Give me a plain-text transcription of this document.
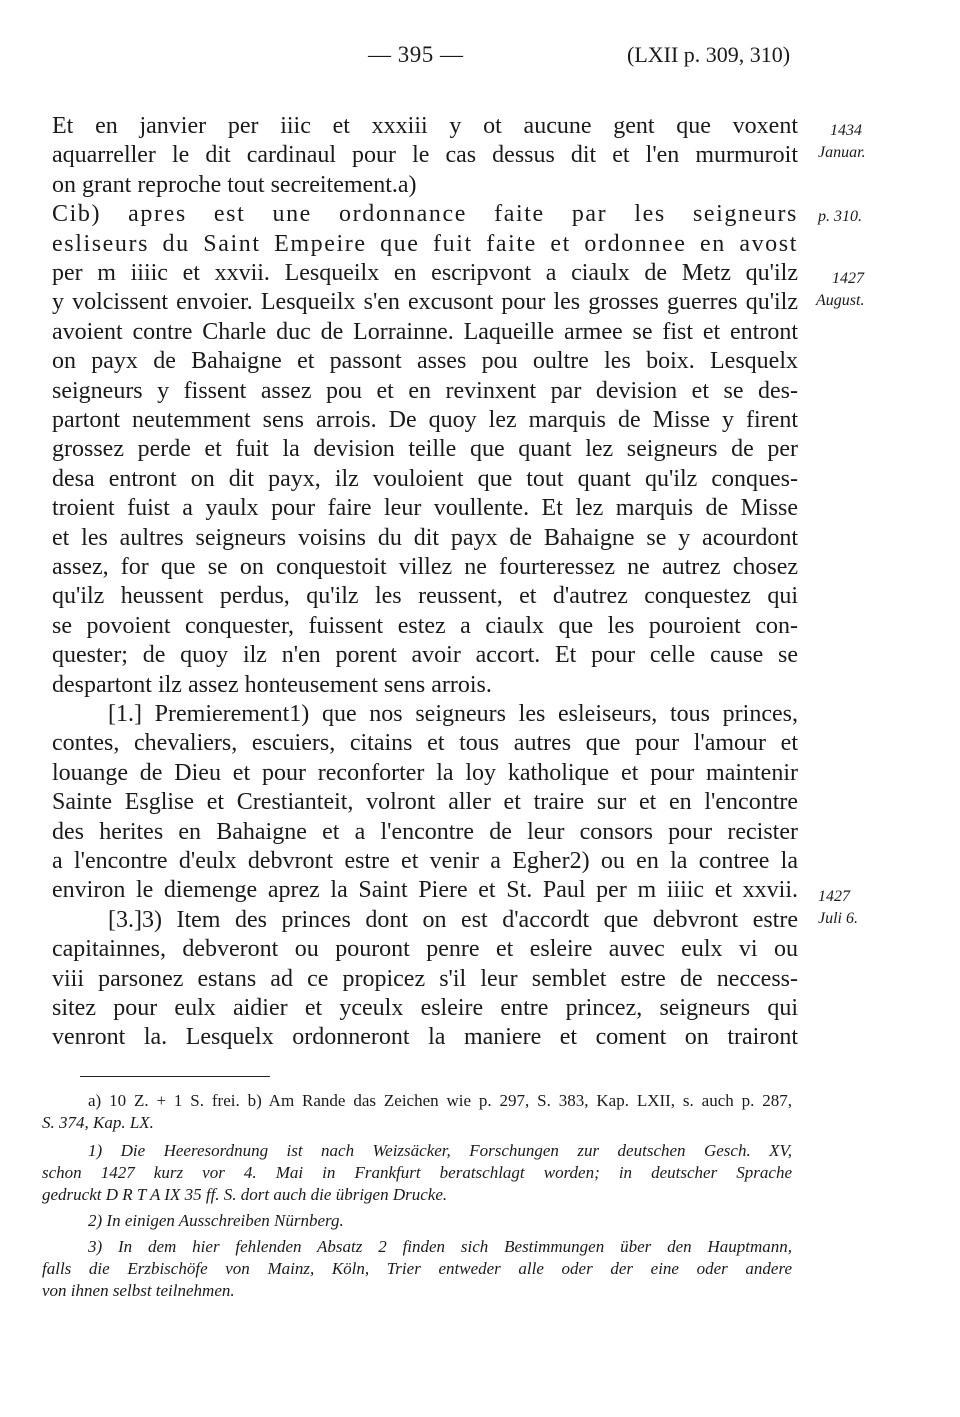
— 395 —	(LXII p. 309, 310)
Et en janvier per iiic et xxxiii y ot aucune gent que voxent
aquarreller le dit cardinaul pour le cas dessus dit et l'en murmuroit
on grant reproche tout secreitement.a)
Cib) apres est une ordonnance faite par les seigneurs
esliseurs du Saint Empeire que fuit faite et ordonnee en avost
per m iiiic et xxvii. Lesqueilx en escripvont a ciaulx de Metz qu'ilz
y volcissent envoier. Lesqueilx s'en excusont pour les grosses guerres qu'ilz
avoient contre Charle duc de Lorrainne. Laqueille armee se fist et entront
on payx de Bahaigne et passont asses pou oultre les boix. Lesquelx
seigneurs y fissent assez pou et en revinxent par devision et se des-
partont neutemment sens arrois. De quoy lez marquis de Misse y firent
grossez perde et fuit la devision teille que quant lez seigneurs de per
desa entront on dit payx, ilz vouloient que tout quant qu'ilz conques-
troient fuist a yaulx pour faire leur voullente. Et lez marquis de Misse
et les aultres seigneurs voisins du dit payx de Bahaigne se y acourdont
assez, for que se on conquestoit villez ne fourteressez ne autrez chosez
qu'ilz heussent perdus, qu'ilz les reussent, et d'autrez conquestez qui
se povoient conquester, fuissent estez a ciaulx que les pouroient con-
quester; de quoy ilz n'en porent avoir accort. Et pour celle cause se
despartont ilz assez honteusement sens arrois.
[1.] Premierement1) que nos seigneurs les esleiseurs, tous princes,
contes, chevaliers, escuiers, citains et tous autres que pour l'amour et
louange de Dieu et pour reconforter la loy katholique et pour maintenir
Sainte Esglise et Crestianteit, volront aller et traire sur et en l'encontre
des herites en Bahaigne et a l'encontre de leur consors pour recister
a l'encontre d'eulx debvront estre et venir a Egher2) ou en la contree la
environ le diemenge aprez la Saint Piere et St. Paul per m iiiic et xxvii.
[3.]3) Item des princes dont on est d'accordt que debvront estre
capitainnes, debveront ou pouront penre et esleire auvec eulx vi ou
viii parsonez estans ad ce propicez s'il leur semblet estre de neccess-
sitez pour eulx aidier et yceulx esleire entre princez, seigneurs qui
venront la. Lesquelx ordonneront la maniere et coment on trairont
1434
Januar.
p. 310.
1427
August.
1427
Juli 6.
a) 10 Z. + 1 S. frei. b) Am Rande das Zeichen wie p. 297, S. 383, Kap. LXII, s. auch p. 287,
S. 374, Kap. LX.
1) Die Heeresordnung ist nach Weizsäcker, Forschungen zur deutschen Gesch. XV,
schon 1427 kurz vor 4. Mai in Frankfurt beratschlagt worden; in deutscher Sprache
gedruckt D R T A IX 35 ff. S. dort auch die übrigen Drucke.
2) In einigen Ausschreiben Nürnberg.
3) In dem hier fehlenden Absatz 2 finden sich Bestimmungen über den Hauptmann,
falls die Erzbischöfe von Mainz, Köln, Trier entweder alle oder der eine oder andere
von ihnen selbst teilnehmen.
